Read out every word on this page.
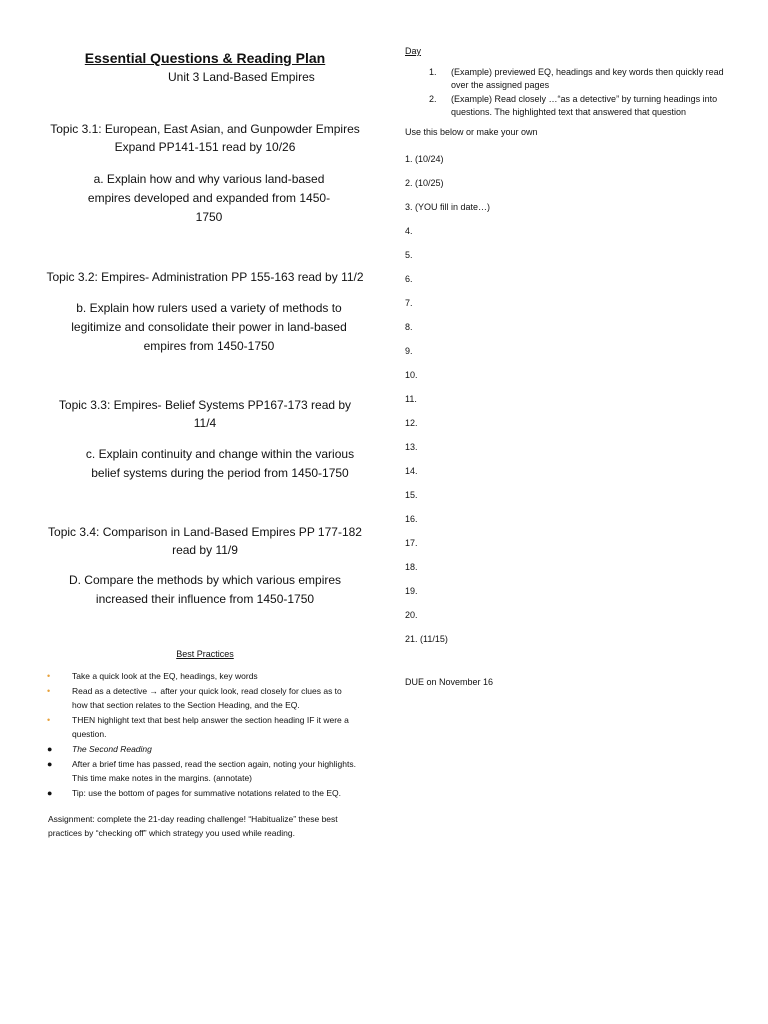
Essential Questions & Reading Plan

Unit 3 Land-Based Empires

Topic 3.1: European, East Asian, and Gunpowder Empires Expand PP141-151 read by 10/26

a. Explain how and why various land-based empires developed and expanded from 1450-1750

Topic 3.2: Empires- Administration PP 155-163 read by 11/2

b. Explain how rulers used a variety of methods to legitimize and consolidate their power in land-based empires from 1450-1750

Topic 3.3: Empires- Belief Systems PP167-173 read by 11/4

c. Explain continuity and change within the various belief systems during the period from 1450-1750

Topic 3.4: Comparison in Land-Based Empires PP 177-182 read by 11/9

D. Compare the methods by which various empires increased their influence from 1450-1750

Best Practices

•	Take a quick look at the EQ, headings, key words
•	Read as a detective → after your quick look, read closely for clues as to how that section relates to the Section Heading, and the EQ.
•	THEN highlight text that best help answer the section heading IF it were a question.
● The Second Reading
● After a brief time has passed, read the section again, noting your highlights. This time make notes in the margins. (annotate)
● Tip: use the bottom of pages for summative notations related to the EQ.

Assignment: complete the 21-day reading challenge! “Habitualize” these best practices by “checking off” which strategy you used while reading.

Day

1. (Example) previewed EQ, headings and key words then quickly read over the assigned pages
2. (Example) Read closely …“as a detective” by turning headings into questions. The highlighted text that answered that question
Use this below or make your own
1. (10/24)
2. (10/25)
3. (YOU fill in date…)
4.
5.
6.
7.
8.
9.
10.
11.
12.
13.
14.
15.
16.
17.
18.
19.
20.
21. (11/15)
DUE on November 16
